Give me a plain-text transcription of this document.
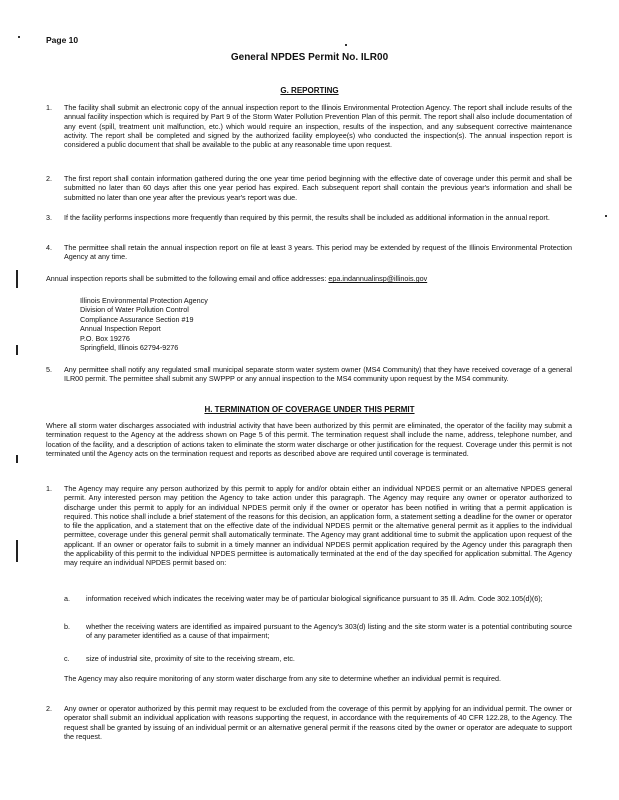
Page 10
General NPDES Permit No. ILR00
G. REPORTING
1.	The facility shall submit an electronic copy of the annual inspection report to the Illinois Environmental Protection Agency. The report shall include results of the annual facility inspection which is required by Part 9 of the Storm Water Pollution Prevention Plan of this permit. The report shall also include documentation of any event (spill, treatment unit malfunction, etc.) which would require an inspection, results of the inspection, and any subsequent corrective maintenance activity. The report shall be completed and signed by the authorized facility employee(s) who conducted the inspection(s). The annual inspection report is considered a public document that shall be available to the public at any reasonable time upon request.
2.	The first report shall contain information gathered during the one year time period beginning with the effective date of coverage under this permit and shall be submitted no later than 60 days after this one year period has expired. Each subsequent report shall contain the previous year's information and shall be submitted no later than one year after the previous year's report was due.
3.	If the facility performs inspections more frequently than required by this permit, the results shall be included as additional information in the annual report.
4.	The permittee shall retain the annual inspection report on file at least 3 years. This period may be extended by request of the Illinois Environmental Protection Agency at any time.
Annual inspection reports shall be submitted to the following email and office addresses: epa.indannualinsp@illinois.gov
Illinois Environmental Protection Agency
Division of Water Pollution Control
Compliance Assurance Section #19
Annual Inspection Report
P.O. Box 19276
Springfield, Illinois 62794-9276
5.	Any permittee shall notify any regulated small municipal separate storm water system owner (MS4 Community) that they have received coverage of a general ILR00 permit. The permittee shall submit any SWPPP or any annual inspection to the MS4 community upon request by the MS4 community.
H. TERMINATION OF COVERAGE UNDER THIS PERMIT
Where all storm water discharges associated with industrial activity that have been authorized by this permit are eliminated, the operator of the facility may submit a termination request to the Agency at the address shown on Page 5 of this permit. The termination request shall include the name, address, telephone number, and location of the facility, and a description of actions taken to eliminate the storm water discharge or other justification for the request. Coverage under this permit is not terminated until the Agency acts on the termination request and reports as described above are required until coverage is terminated.
1.	The Agency may require any person authorized by this permit to apply for and/or obtain either an individual NPDES permit or an alternative NPDES general permit. Any interested person may petition the Agency to take action under this paragraph. The Agency may require any owner or operator authorized to discharge under this permit to apply for an individual NPDES permit only if the owner or operator has been notified in writing that a permit application is required. This notice shall include a brief statement of the reasons for this decision, an application form, a statement setting a deadline for the owner or operator to file the application, and a statement that on the effective date of the individual NPDES permit or the alternative general permit as it applies to the individual permittee, coverage under this general permit shall automatically terminate. The Agency may grant additional time to submit the application upon request of the applicant. If an owner or operator fails to submit in a timely manner an individual NPDES permit application required by the Agency under this paragraph then the applicability of this permit to the individual NPDES permittee is automatically terminated at the end of the day specified for application submittal. The Agency may require an individual NPDES permit based on:
a.	information received which indicates the receiving water may be of particular biological significance pursuant to 35 Ill. Adm. Code 302.105(d)(6);
b.	whether the receiving waters are identified as impaired pursuant to the Agency's 303(d) listing and the site storm water is a potential contributing source of any parameter identified as a cause of that impairment;
c.	size of industrial site, proximity of site to the receiving stream, etc.
The Agency may also require monitoring of any storm water discharge from any site to determine whether an individual permit is required.
2.	Any owner or operator authorized by this permit may request to be excluded from the coverage of this permit by applying for an individual permit. The owner or operator shall submit an individual application with reasons supporting the request, in accordance with the requirements of 40 CFR 122.28, to the Agency. The request shall be granted by issuing of an individual permit or an alternative general permit if the reasons cited by the owner or operator are adequate to support the request.
